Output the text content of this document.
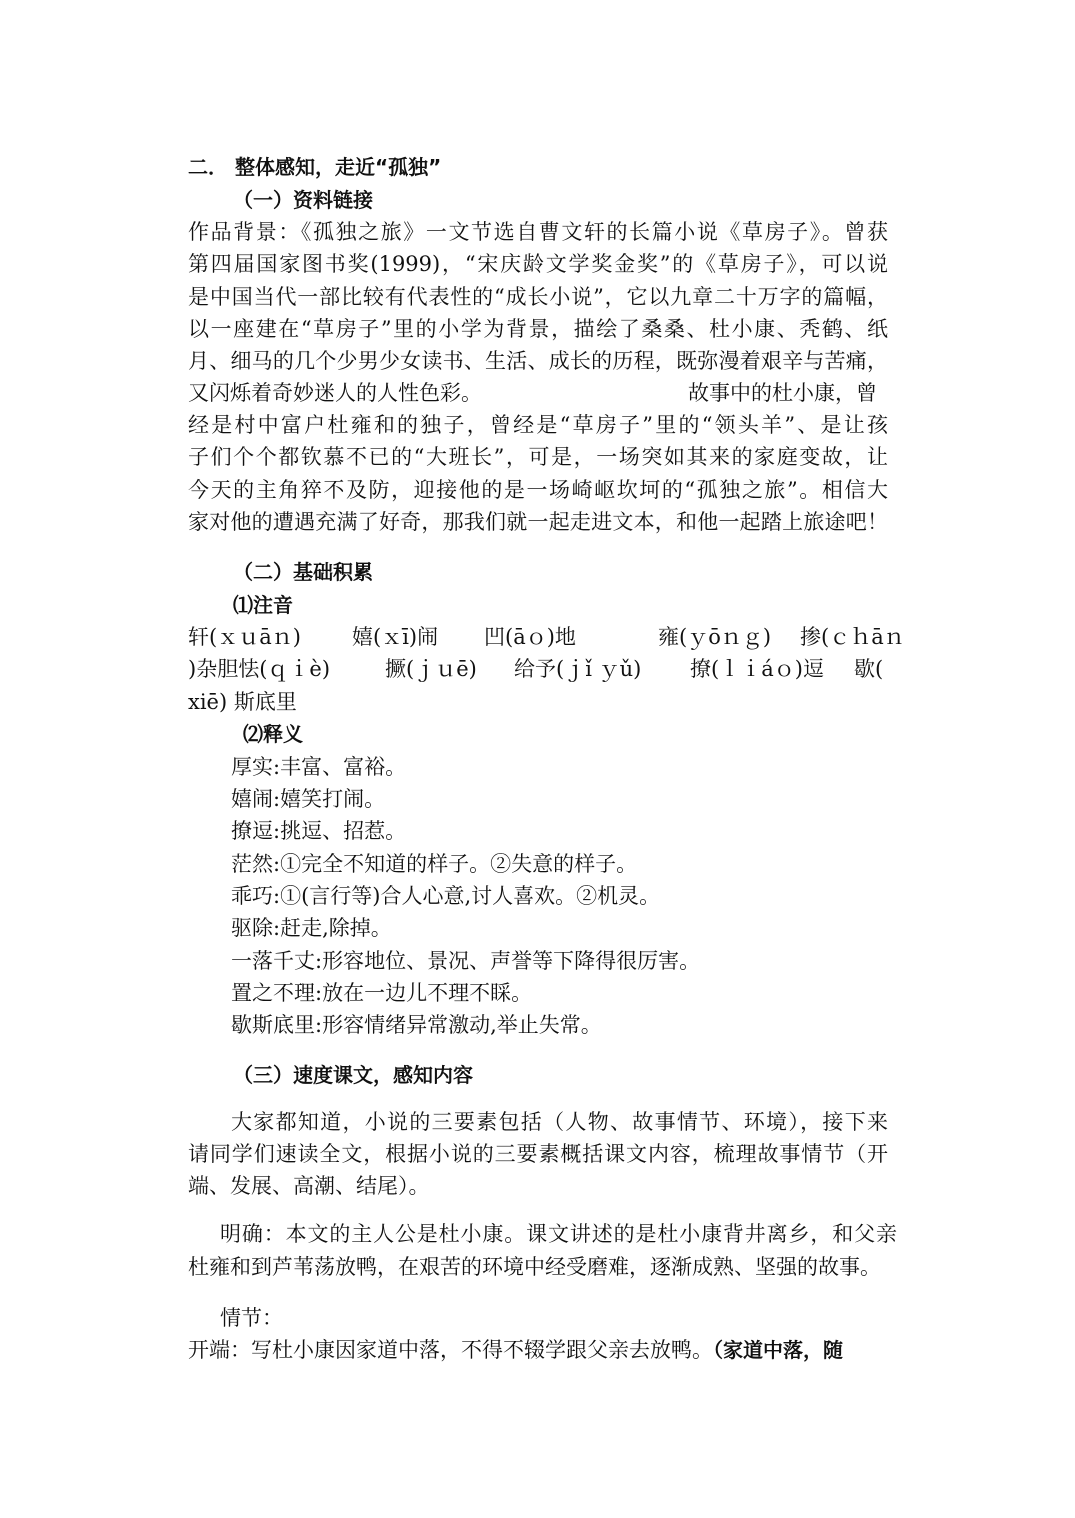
二． 整体感知，走近“孤独”
（一）资料链接
作品背景：《孤独之旅》一文节选自曹文轩的长篇小说《草房子》。曾获
第四届国家图书奖(1999)，“宋庆龄文学奖金奖”的《草房子》，可以说
是中国当代一部比较有代表性的“成长小说”，它以九章二十万字的篇幅，
以一座建在“草房子”里的小学为背景，描绘了桑桑、杜小康、秃鹤、纸
月、细马的几个少男少女读书、生活、成长的历程，既弥漫着艰辛与苦痛，
又闪烁着奇妙迷人的人性色彩。	故事中的杜小康，曾
经是村中富户杜雍和的独子，曾经是“草房子”里的“领头羊”、是让孩
子们个个都钦慕不已的“大班长”，可是，一场突如其来的家庭变故，让
今天的主角猝不及防，迎接他的是一场崎岖坎坷的“孤独之旅”。相信大
家对他的遭遇充满了好奇，那我们就一起走进文本，和他一起踏上旅途吧！
（二）基础积累
⑴注音
轩(ｘｕāｎ) 嬉(ｘī)闹 凹(āｏ)地	雍(ｙōｎｇ) 掺(ｃｈāｎ
)杂胆怯(ｑｉè)	撅(ｊｕē) 给予(ｊǐ ｙǔ) 撩(ｌｉáｏ)逗 歇(
xiē) 斯底里
⑵释义
厚实:丰富、富裕。
嬉闹:嬉笑打闹。
撩逗:挑逗、招惹。
茫然:①完全不知道的样子。②失意的样子。
乖巧:①(言行等)合人心意,讨人喜欢。②机灵。
驱除:赶走,除掉。
一落千丈:形容地位、景况、声誉等下降得很厉害。
置之不理:放在一边儿不理不睬。
歇斯底里:形容情绪异常激动,举止失常。
（三）速度课文，感知内容
大家都知道，小说的三要素包括（人物、故事情节、环境），接下来
请同学们速读全文，根据小说的三要素概括课文内容，梳理故事情节（开
端、发展、高潮、结尾）。
明确：本文的主人公是杜小康。课文讲述的是杜小康背井离乡，和父亲
杜雍和到芦苇荡放鸭，在艰苦的环境中经受磨难，逐渐成熟、坚强的故事。
情节：
开端：写杜小康因家道中落，不得不辍学跟父亲去放鸭。（家道中落，随
